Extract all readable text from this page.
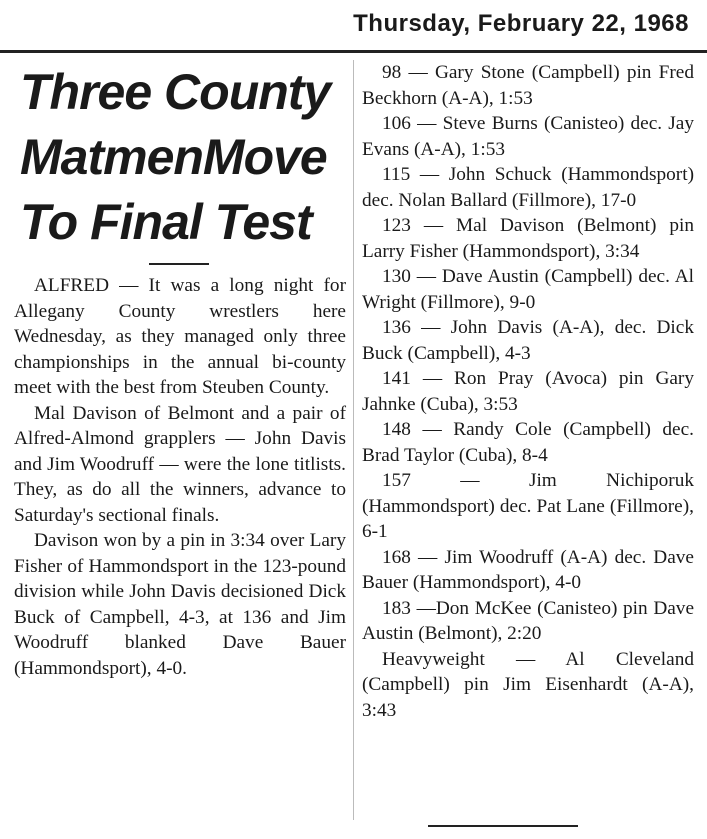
Thursday, February 22, 1968
Three County
MatmenMove
To Final Test

ALFRED — It was a long night for Allegany County wrestlers here Wednesday, as they managed only three championships in the annual bi-county meet with the best from Steuben County.

Mal Davison of Belmont and a pair of Alfred-Almond grapplers — John Davis and Jim Woodruff — were the lone titlists. They, as do all the winners, advance to Saturday's sectional finals.

Davison won by a pin in 3:34 over Lary Fisher of Hammondsport in the 123-pound division while John Davis decisioned Dick Buck of Campbell, 4-3, at 136 and Jim Woodruff blanked Dave Bauer (Hammondsport), 4-0.

98 — Gary Stone (Campbell) pin Fred Beckhorn (A-A), 1:53

106 — Steve Burns (Canisteo) dec. Jay Evans (A-A), 1:53

115 — John Schuck (Hammondsport) dec. Nolan Ballard (Fillmore), 17-0

123 — Mal Davison (Belmont) pin Larry Fisher (Hammondsport), 3:34

130 — Dave Austin (Campbell) dec. Al Wright (Fillmore), 9-0

136 — John Davis (A-A), dec. Dick Buck (Campbell), 4-3

141 — Ron Pray (Avoca) pin Gary Jahnke (Cuba), 3:53

148 — Randy Cole (Campbell) dec. Brad Taylor (Cuba), 8-4

157 — Jim Nichiporuk (Hammondsport) dec. Pat Lane (Fillmore), 6-1

168 — Jim Woodruff (A-A) dec. Dave Bauer (Hammondsport), 4-0

183 —Don McKee (Canisteo) pin Dave Austin (Belmont), 2:20

Heavyweight — Al Cleveland (Campbell) pin Jim Eisenhardt (A-A), 3:43
